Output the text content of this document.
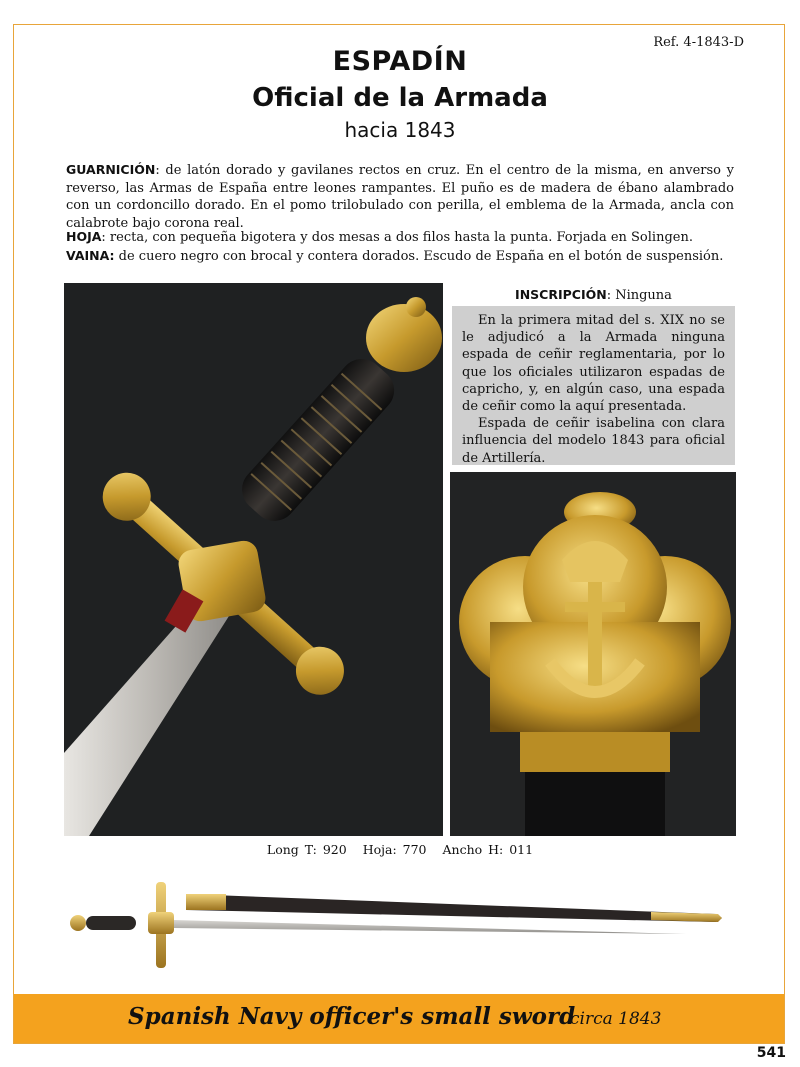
Ref. 4-1843-D
ESPADÍN
Oficial de la Armada
hacia 1843
GUARNICIÓN: de latón dorado y gavilanes rectos en cruz. En el centro de la misma, en anverso y reverso, las Armas de España entre leones rampantes. El puño es de madera de ébano alambrado con un cordoncillo dorado. En el pomo trilobulado con perilla, el emblema de la Armada, ancla con calabrote bajo corona real.
HOJA: recta, con pequeña bigotera y dos mesas a dos filos hasta la punta. Forjada en Solingen.
VAINA: de cuero negro con brocal y contera dorados. Escudo de España en el botón de suspensión.
INSCRIPCIÓN: Ninguna

En la primera mitad del s. XIX no se le adjudicó a la Armada ninguna espada de ceñir reglamentaria, por lo que los oficiales utilizaron espadas de capricho, y, en algún caso, una espada de ceñir como la aquí presentada.

Espada de ceñir isabelina con clara influencia del modelo 1843 para oficial de Artillería.

Long T: 920 Hoja: 770 Ancho H: 011
Spanish Navy officer's small sword
circa 1843
541
